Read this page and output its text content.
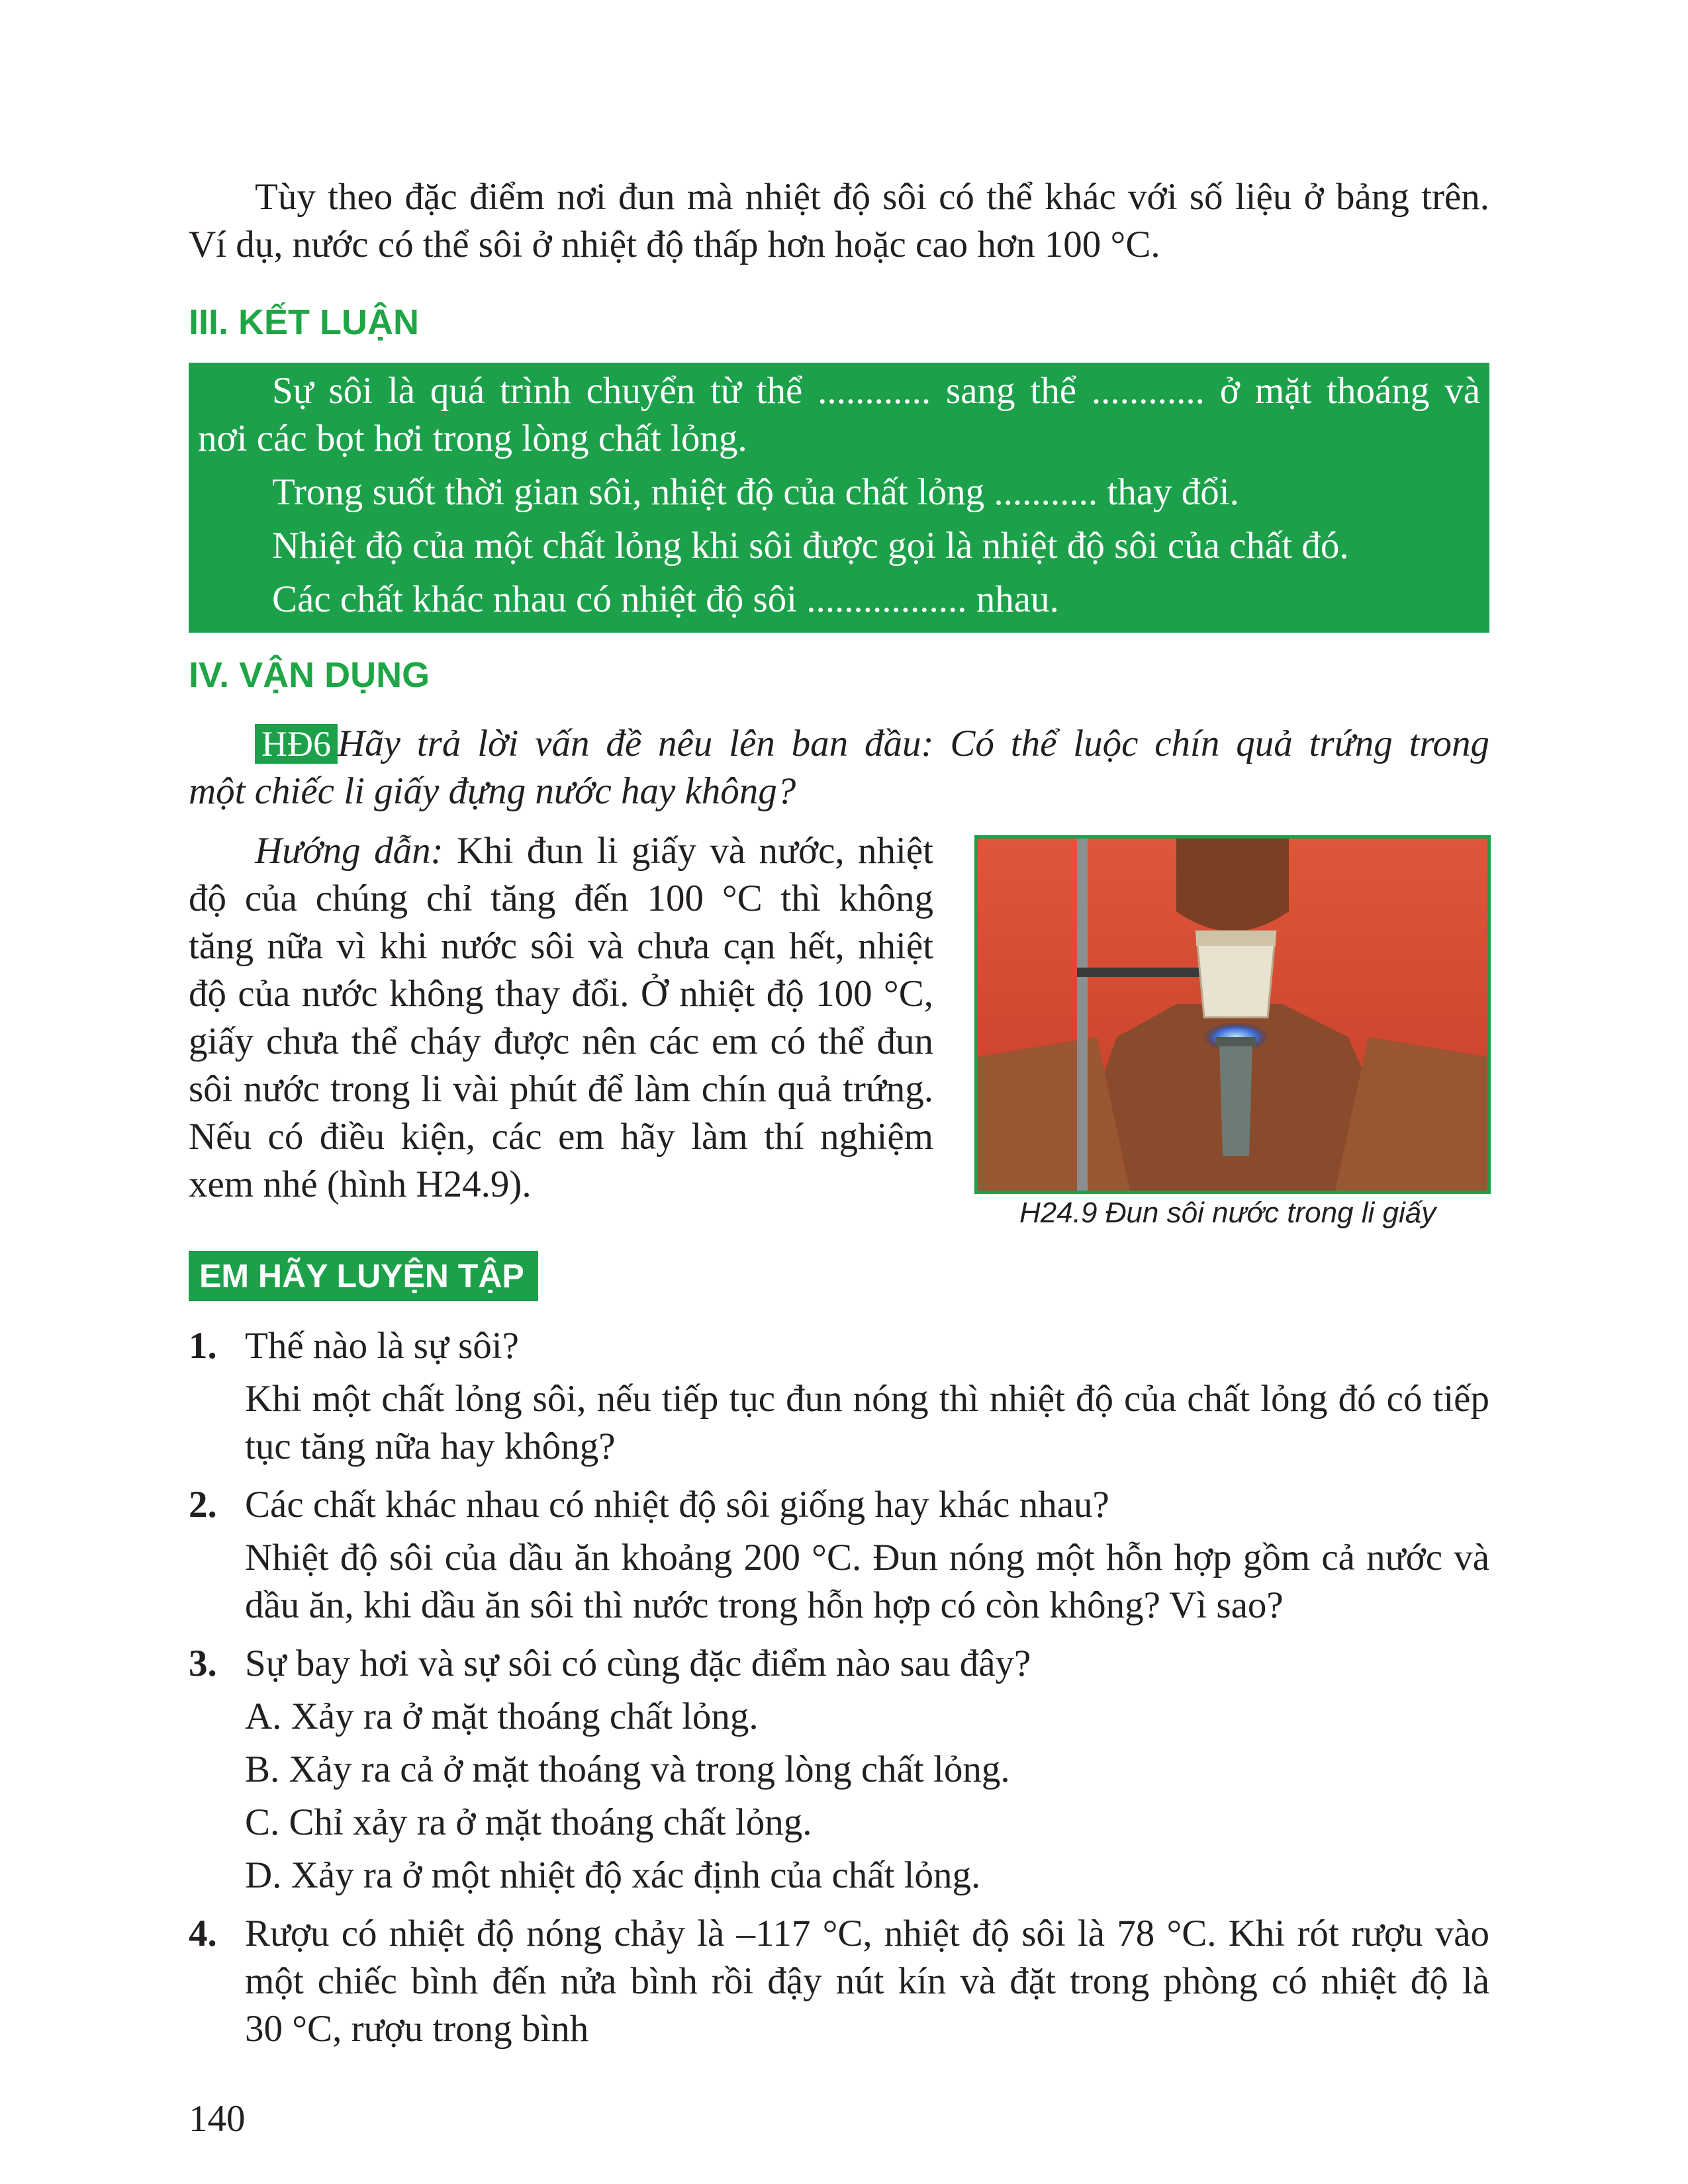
Tùy theo đặc điểm nơi đun mà nhiệt độ sôi có thể khác với số liệu ở bảng trên.
Ví dụ, nước có thể sôi ở nhiệt độ thấp hơn hoặc cao hơn 100 °C.
III. KẾT LUẬN
Sự sôi là quá trình chuyển từ thể ............ sang thể ............ ở mặt thoáng và
nơi các bọt hơi trong lòng chất lỏng.
Trong suốt thời gian sôi, nhiệt độ của chất lỏng ........... thay đổi.
Nhiệt độ của một chất lỏng khi sôi được gọi là nhiệt độ sôi của chất đó.
Các chất khác nhau có nhiệt độ sôi ................. nhau.
IV. VẬN DỤNG
HĐ6 Hãy trả lời vấn đề nêu lên ban đầu: Có thể luộc chín quả trứng trong
một chiếc li giấy đựng nước hay không?
Hướng dẫn: Khi đun li giấy và nước, nhiệt
độ của chúng chỉ tăng đến 100 °C thì không
tăng nữa vì khi nước sôi và chưa cạn hết, nhiệt
độ của nước không thay đổi. Ở nhiệt độ 100 °C,
giấy chưa thể cháy được nên các em có thể đun
sôi nước trong li vài phút để làm chín quả trứng.
Nếu có điều kiện, các em hãy làm thí nghiệm
xem nhé (hình H24.9).
H24.9 Đun sôi nước trong li giấy
EM HÃY LUYỆN TẬP
1. Thế nào là sự sôi?
Khi một chất lỏng sôi, nếu tiếp tục đun nóng thì nhiệt độ của chất lỏng đó có tiếp
tục tăng nữa hay không?
2. Các chất khác nhau có nhiệt độ sôi giống hay khác nhau?
Nhiệt độ sôi của dầu ăn khoảng 200 °C. Đun nóng một hỗn hợp gồm cả nước và
dầu ăn, khi dầu ăn sôi thì nước trong hỗn hợp có còn không? Vì sao?
3. Sự bay hơi và sự sôi có cùng đặc điểm nào sau đây?
A. Xảy ra ở mặt thoáng chất lỏng.
B. Xảy ra cả ở mặt thoáng và trong lòng chất lỏng.
C. Chỉ xảy ra ở mặt thoáng chất lỏng.
D. Xảy ra ở một nhiệt độ xác định của chất lỏng.
4. Rượu có nhiệt độ nóng chảy là –117 °C, nhiệt độ sôi là 78 °C. Khi rót rượu vào
một chiếc bình đến nửa bình rồi đậy nút kín và đặt trong phòng có nhiệt độ là
30 °C, rượu trong bình
140
